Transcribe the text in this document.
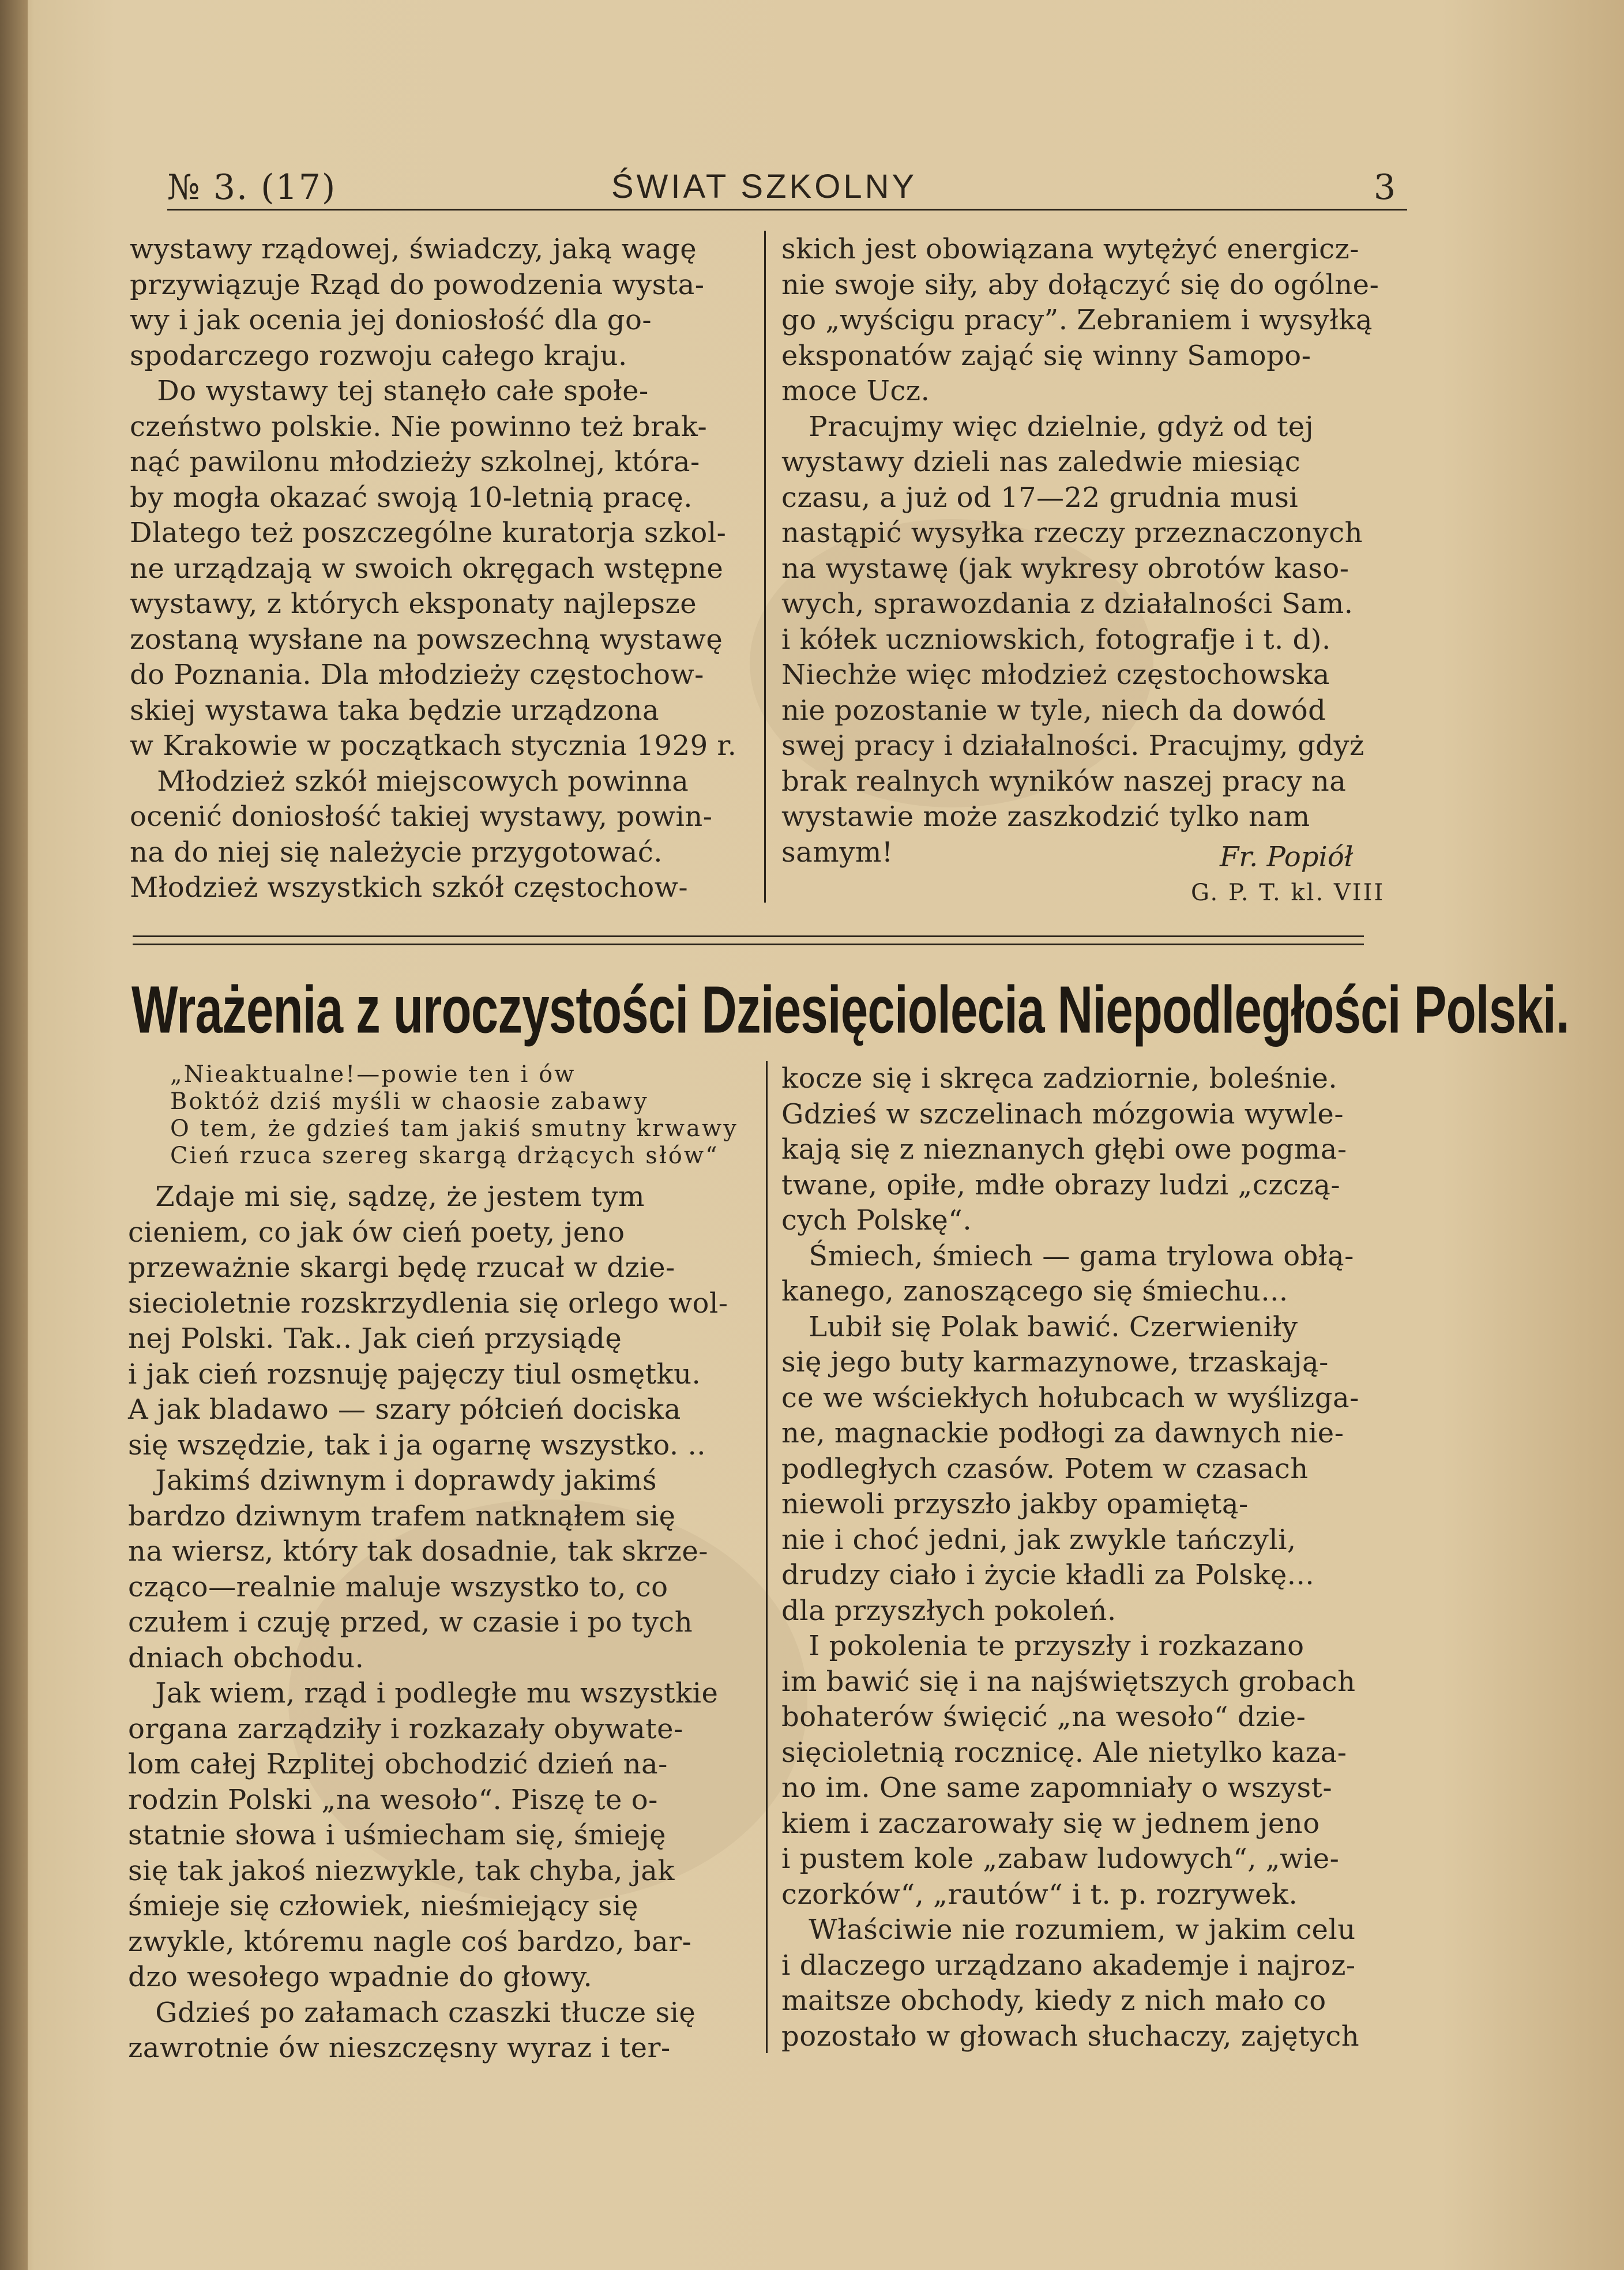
№ 3. (17)	ŚWIAT SZKOLNY	3
wystawy rządowej, świadczy, jaką wagę
przywiązuje Rząd do powodzenia wysta-
wy i jak ocenia jej doniosłość dla go-
spodarczego rozwoju całego kraju.
Do wystawy tej stanęło całe społe-
czeństwo polskie. Nie powinno też brak-
nąć pawilonu młodzieży szkolnej, która-
by mogła okazać swoją 10-letnią pracę.
Dlatego też poszczególne kuratorja szkol-
ne urządzają w swoich okręgach wstępne
wystawy, z których eksponaty najlepsze
zostaną wysłane na powszechną wystawę
do Poznania. Dla młodzieży częstochow-
skiej wystawa taka będzie urządzona
w Krakowie w początkach stycznia 1929 r.
Młodzież szkół miejscowych powinna
ocenić doniosłość takiej wystawy, powin-
na do niej się należycie przygotować.
Młodzież wszystkich szkół częstochow-
skich jest obowiązana wytężyć energicz-
nie swoje siły, aby dołączyć się do ogólne-
go „wyścigu pracy”. Zebraniem i wysyłką
eksponatów zająć się winny Samopo-
moce Ucz.
Pracujmy więc dzielnie, gdyż od tej
wystawy dzieli nas zaledwie miesiąc
czasu, a już od 17—22 grudnia musi
nastąpić wysyłka rzeczy przeznaczonych
na wystawę (jak wykresy obrotów kaso-
wych, sprawozdania z działalności Sam.
i kółek uczniowskich, fotografje i t. d).
Niechże więc młodzież częstochowska
nie pozostanie w tyle, niech da dowód
swej pracy i działalności. Pracujmy, gdyż
brak realnych wyników naszej pracy na
wystawie może zaszkodzić tylko nam
samym!	Fr. Popiół
G. P. T. kl. VIII
Wrażenia z uroczystości Dziesięciolecia Niepodległości Polski.
„Nieaktualne!—powie ten i ów
Boktóż dziś myśli w chaosie zabawy
O tem, że gdzieś tam jakiś smutny krwawy
Cień rzuca szereg skargą drżących słów“
Zdaje mi się, sądzę, że jestem tym
cieniem, co jak ów cień poety, jeno
przeważnie skargi będę rzucał w dzie-
siecioletnie rozskrzydlenia się orlego wol-
nej Polski. Tak.. Jak cień przysiądę
i jak cień rozsnuję pajęczy tiul osmętku.
A jak bladawo — szary półcień dociska
się wszędzie, tak i ja ogarnę wszystko. ..
Jakimś dziwnym i doprawdy jakimś
bardzo dziwnym trafem natknąłem się
na wiersz, który tak dosadnie, tak skrze-
cząco—realnie maluje wszystko to, co
czułem i czuję przed, w czasie i po tych
dniach obchodu.
Jak wiem, rząd i podległe mu wszystkie
organa zarządziły i rozkazały obywate-
lom całej Rzplitej obchodzić dzień na-
rodzin Polski „na wesoło“. Piszę te o-
statnie słowa i uśmiecham się, śmieję
się tak jakoś niezwykle, tak chyba, jak
śmieje się człowiek, nieśmiejący się
zwykle, któremu nagle coś bardzo, bar-
dzo wesołego wpadnie do głowy.
Gdzieś po załamach czaszki tłucze się
zawrotnie ów nieszczęsny wyraz i ter-
kocze się i skręca zadziornie, boleśnie.
Gdzieś w szczelinach mózgowia wywle-
kają się z nieznanych głębi owe pogma-
twane, opiłe, mdłe obrazy ludzi „czczą-
cych Polskę“.
Śmiech, śmiech — gama trylowa obłą-
kanego, zanoszącego się śmiechu...
Lubił się Polak bawić. Czerwieniły
się jego buty karmazynowe, trzaskają-
ce we wściekłych hołubcach w wyślizga-
ne, magnackie podłogi za dawnych nie-
podległych czasów. Potem w czasach
niewoli przyszło jakby opamiętą-
nie i choć jedni, jak zwykle tańczyli,
drudzy ciało i życie kładli za Polskę...
dla przyszłych pokoleń.
I pokolenia te przyszły i rozkazano
im bawić się i na najświętszych grobach
bohaterów święcić „na wesoło“ dzie-
sięcioletnią rocznicę. Ale nietylko kaza-
no im. One same zapomniały o wszyst-
kiem i zaczarowały się w jednem jeno
i pustem kole „zabaw ludowych“, „wie-
czorków“, „rautów“ i t. p. rozrywek.
Właściwie nie rozumiem, w jakim celu
i dlaczego urządzano akademje i najroz-
maitsze obchody, kiedy z nich mało co
pozostało w głowach słuchaczy, zajętych
